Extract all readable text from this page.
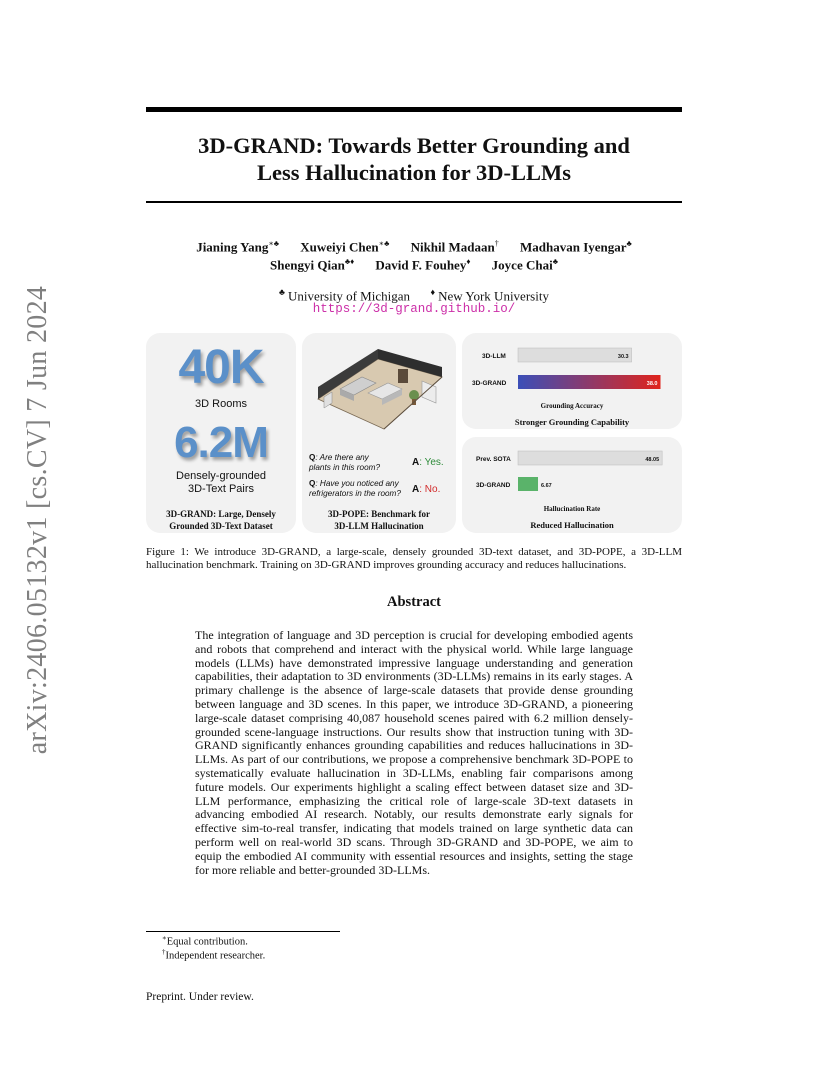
arXiv:2406.05132v1 [cs.CV] 7 Jun 2024
3D-GRAND: Towards Better Grounding and
Less Hallucination for 3D-LLMs
Jianing Yang∗♣ Xuweiyi Chen∗♣ Nikhil Madaan† Madhavan Iyengar♣
Shengyi Qian♣♦ David F. Fouhey♦ Joyce Chai♣
♣ University of Michigan ♦ New York University
https://3d-grand.github.io/
40K
3D Rooms
6.2M
Densely-grounded
3D-Text Pairs
3D-GRAND: Large, Densely
Grounded 3D-Text Dataset
Q: Are there any
plants in this room?	A: Yes.
Q: Have you noticed any
refrigerators in the room? A: No.
3D-POPE: Benchmark for
3D-LLM Hallucination
3D-LLM
3D-GRAND
30.3
38.0
Grounding Accuracy
Stronger Grounding Capability
Prev. SOTA
3D-GRAND
48.05
6.67
Hallucination Rate
Reduced Hallucination
Figure 1: We introduce 3D-GRAND, a large-scale, densely grounded 3D-text dataset, and 3D-POPE, a 3D-LLM hallucination benchmark. Training on 3D-GRAND improves grounding accuracy and reduces hallucinations.
Abstract
The integration of language and 3D perception is crucial for developing embodied agents and robots that comprehend and interact with the physical world. While large language models (LLMs) have demonstrated impressive language understanding and generation capabilities, their adaptation to 3D environments (3D-LLMs) remains in its early stages. A primary challenge is the absence of large-scale datasets that provide dense grounding between language and 3D scenes. In this paper, we introduce 3D-GRAND, a pioneering large-scale dataset comprising 40,087 household scenes paired with 6.2 million densely-grounded scene-language instructions. Our results show that instruction tuning with 3D-GRAND significantly enhances grounding capabilities and reduces hallucinations in 3D-LLMs. As part of our contributions, we propose a comprehensive benchmark 3D-POPE to systematically evaluate hallucination in 3D-LLMs, enabling fair comparisons among future models. Our experiments highlight a scaling effect between dataset size and 3D-LLM performance, emphasizing the critical role of large-scale 3D-text datasets in advancing embodied AI research. Notably, our results demonstrate early signals for effective sim-to-real transfer, indicating that models trained on large synthetic data can perform well on real-world 3D scans. Through 3D-GRAND and 3D-POPE, we aim to equip the embodied AI community with essential resources and insights, setting the stage for more reliable and better-grounded 3D-LLMs.
∗Equal contribution.
†Independent researcher.
Preprint. Under review.
